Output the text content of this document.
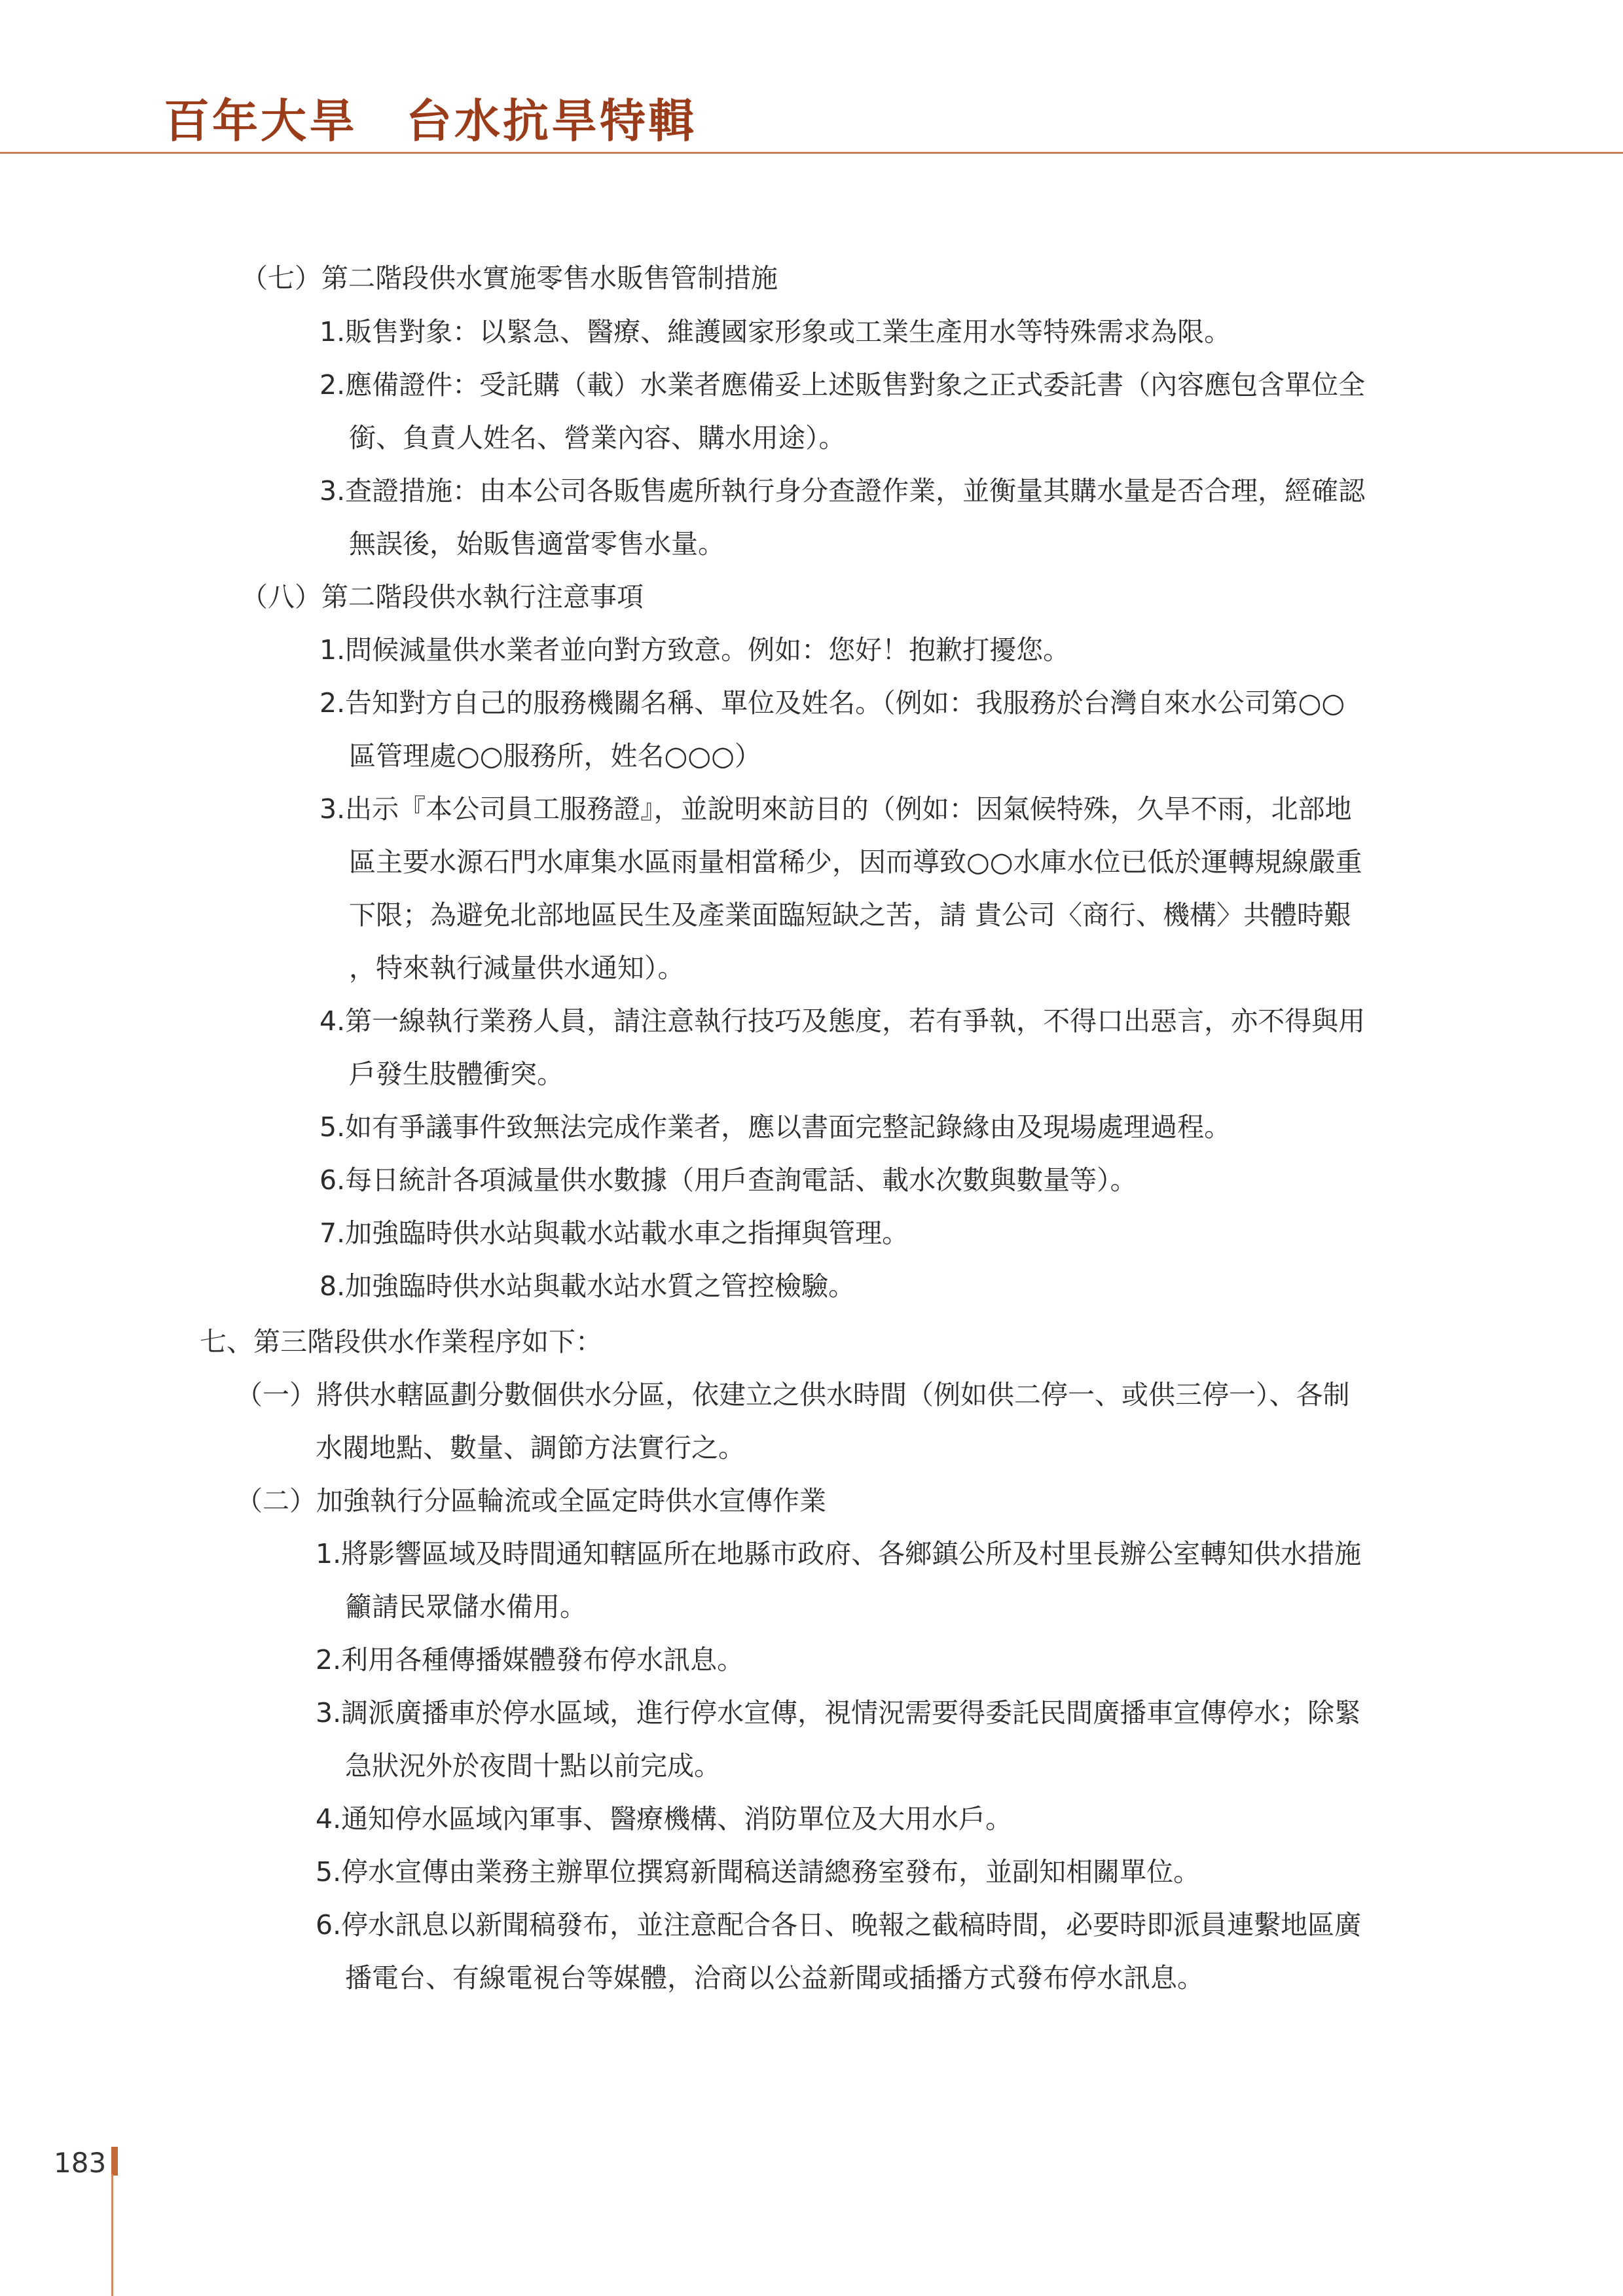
百年大旱　台水抗旱特輯
（七）第二階段供水實施零售水販售管制措施
1.販售對象：以緊急、醫療、維護國家形象或工業生產用水等特殊需求為限。
2.應備證件：受託購（載）水業者應備妥上述販售對象之正式委託書（內容應包含單位全
銜、負責人姓名、營業內容、購水用途）。
3.查證措施：由本公司各販售處所執行身分查證作業，並衡量其購水量是否合理，經確認
無誤後，始販售適當零售水量。
（八）第二階段供水執行注意事項
1.問候減量供水業者並向對方致意。例如：您好！抱歉打擾您。
2.告知對方自己的服務機關名稱、單位及姓名。（例如：我服務於台灣自來水公司第○○
區管理處○○服務所，姓名○○○）
3.出示『本公司員工服務證』，並說明來訪目的（例如：因氣候特殊，久旱不雨，北部地
區主要水源石門水庫集水區雨量相當稀少，因而導致○○水庫水位已低於運轉規線嚴重
下限；為避免北部地區民生及產業面臨短缺之苦，請 貴公司〈商行、機構〉共體時艱
，特來執行減量供水通知）。
4.第一線執行業務人員，請注意執行技巧及態度，若有爭執，不得口出惡言，亦不得與用
戶發生肢體衝突。
5.如有爭議事件致無法完成作業者，應以書面完整記錄緣由及現場處理過程。
6.每日統計各項減量供水數據（用戶查詢電話、載水次數與數量等）。
7.加強臨時供水站與載水站載水車之指揮與管理。
8.加強臨時供水站與載水站水質之管控檢驗。
七、第三階段供水作業程序如下：
（一）將供水轄區劃分數個供水分區，依建立之供水時間（例如供二停一、或供三停一）、各制
水閥地點、數量、調節方法實行之。
（二）加強執行分區輪流或全區定時供水宣傳作業
1.將影響區域及時間通知轄區所在地縣市政府、各鄉鎮公所及村里長辦公室轉知供水措施
籲請民眾儲水備用。
2.利用各種傳播媒體發布停水訊息。
3.調派廣播車於停水區域，進行停水宣傳，視情況需要得委託民間廣播車宣傳停水；除緊
急狀況外於夜間十點以前完成。
4.通知停水區域內軍事、醫療機構、消防單位及大用水戶。
5.停水宣傳由業務主辦單位撰寫新聞稿送請總務室發布，並副知相關單位。
6.停水訊息以新聞稿發布，並注意配合各日、晚報之截稿時間，必要時即派員連繫地區廣
播電台、有線電視台等媒體，洽商以公益新聞或插播方式發布停水訊息。
183
